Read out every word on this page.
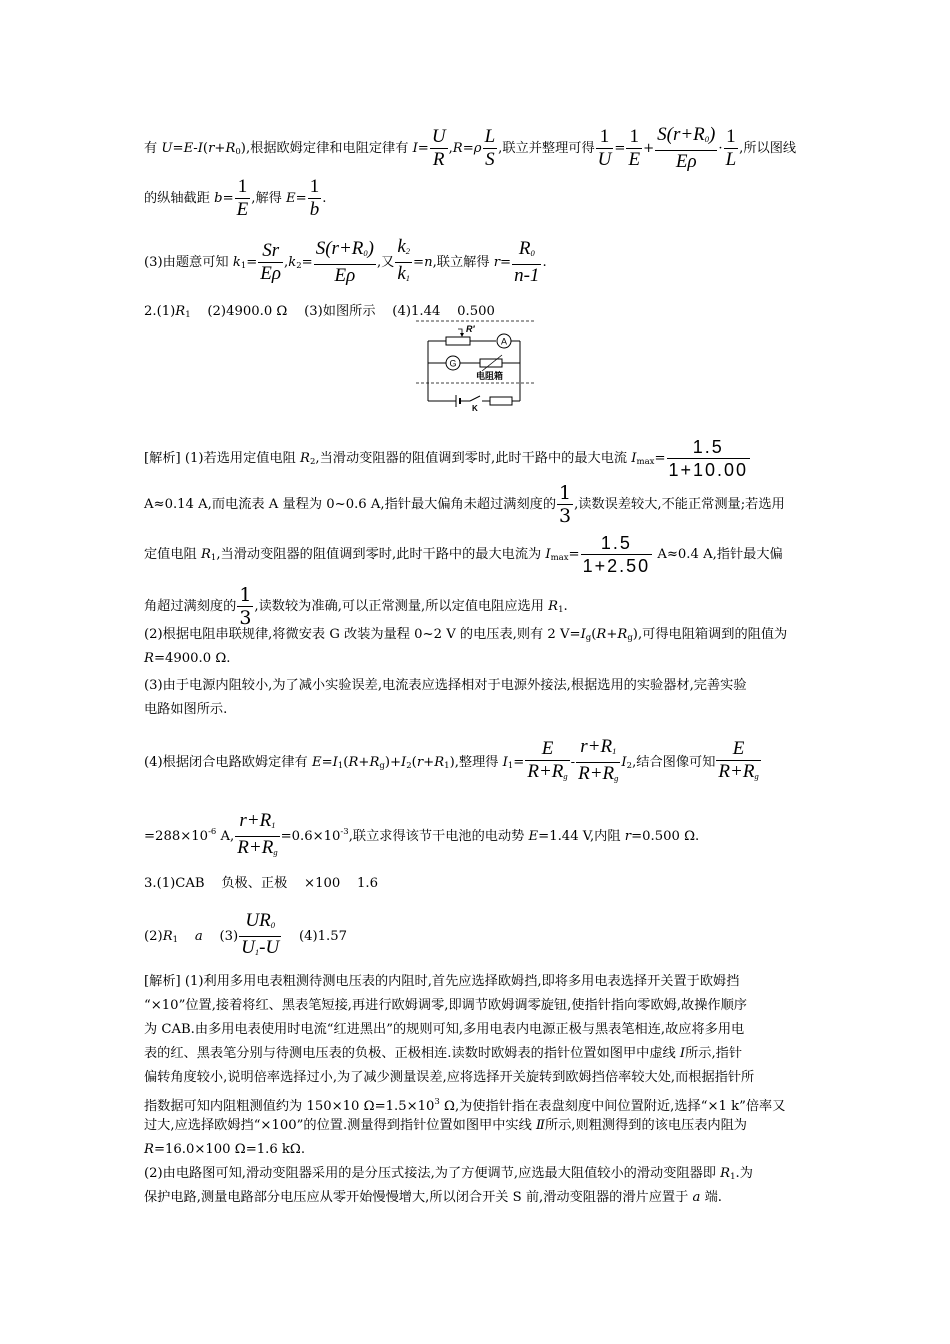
有 $U=E-I(r+R_0)$,根据欧姆定律和电阻定律有 $I= \frac{U}{R} ,R=\rho \frac{L}{S}$ ,联立并整理可得 $\frac{1}{U} = \frac{1}{E} + \frac{S(r+R_0)}{E\rho} \cdot \frac{1}{L}$ ,所以图线
的纵轴截距 $b= \frac{1}{E}$ ,解得 $E= \frac{1}{b}$ .
(3)由题意可知 $k_1= \frac{Sr}{E\rho} ,k_2= \frac{S(r+R_0)}{E\rho}$ ,又 $\frac{k_2}{k_1} =n$,联立解得 $r= \frac{R_0}{n-1}$ .
$2.(1)R_1$    (2)4900.0 Ω    (3)如图所示    (4)1.44    0.500
R′
A
G
电阻箱
K
[解析] (1)若选用定值电阻 $R_2$,当滑动变阻器的阻值调到零时,此时干路中的最大电流 $I_{max}= \frac{1.5}{1+10.00}$
A≈0.14 A,而电流表 A 量程为 0~0.6 A,指针最大偏角未超过满刻度的 $\frac{1}{3}$ ,读数误差较大,不能正常测量;若选用
定值电阻 $R_1$,当滑动变阻器的阻值调到零时,此时干路中的最大电流为 $I_{max}= \frac{1.5}{1+2.50} A\approx 0.4$ A,指针最大偏
角超过满刻度的 $\frac{1}{3}$ ,读数较为准确,可以正常测量,所以定值电阻应选用 $R_1$.
(2)根据电阻串联规律,将微安表 G 改装为量程 0~2 V 的电压表,则有 2 $V=I_g(R+R_g)$,可得电阻箱调到的阻值为
R=4900.0 Ω.
(3)由于电源内阻较小,为了减小实验误差,电流表应选择相对于电源外接法,根据选用的实验器材,完善实验
电路如图所示.
(4)根据闭合电路欧姆定律有 $E=I_1(R+R_g)+I_2(r+R_1)$,整理得 $I_1= \frac{E}{R+R_g} - \frac{r+R_1}{R+R_g} I_2$,结合图像可知 $\frac{E}{R+R_g}$
$=288\times 10^{-6}$ A, $\frac{r+R_1}{R+R_g} =0.6\times 10^{-3}$,联立求得该节干电池的电动势 E=1.44 V,内阻 r=0.500 Ω.
3.(1)CAB    负极、正极    ×100    1.6
$(2)R_1$ a    $(3) \frac{UR_0}{U_1-U} (4)1.57$
[解析] (1)利用多用电表粗测待测电压表的内阻时,首先应选择欧姆挡,即将多用电表选择开关置于欧姆挡
“×10”位置,接着将红、黑表笔短接,再进行欧姆调零,即调节欧姆调零旋钮,使指针指向零欧姆,故操作顺序
为 CAB.由多用电表使用时电流“红进黑出”的规则可知,多用电表内电源正极与黑表笔相连,故应将多用电
表的红、黑表笔分别与待测电压表的负极、正极相连.读数时欧姆表的指针位置如图甲中虚线 Ⅰ所示,指针
偏转角度较小,说明倍率选择过小,为了减少测量误差,应将选择开关旋转到欧姆挡倍率较大处,而根据指针所
指数据可知内阻粗测值约为 150×10 $\Omega=1.5\times 10^3$ Ω,为使指针指在表盘刻度中间位置附近,选择“×1 k”倍率又
过大,应选择欧姆挡“×100”的位置.测量得到指针位置如图甲中实线 Ⅱ所示,则粗测得到的该电压表内阻为
R=16.0×100 Ω=1.6 kΩ.
(2)由电路图可知,滑动变阻器采用的是分压式接法,为了方便调节,应选最大阻值较小的滑动变阻器即 $R_1$.为
保护电路,测量电路部分电压应从零开始慢慢增大,所以闭合开关 S 前,滑动变阻器的滑片应置于 a 端.
